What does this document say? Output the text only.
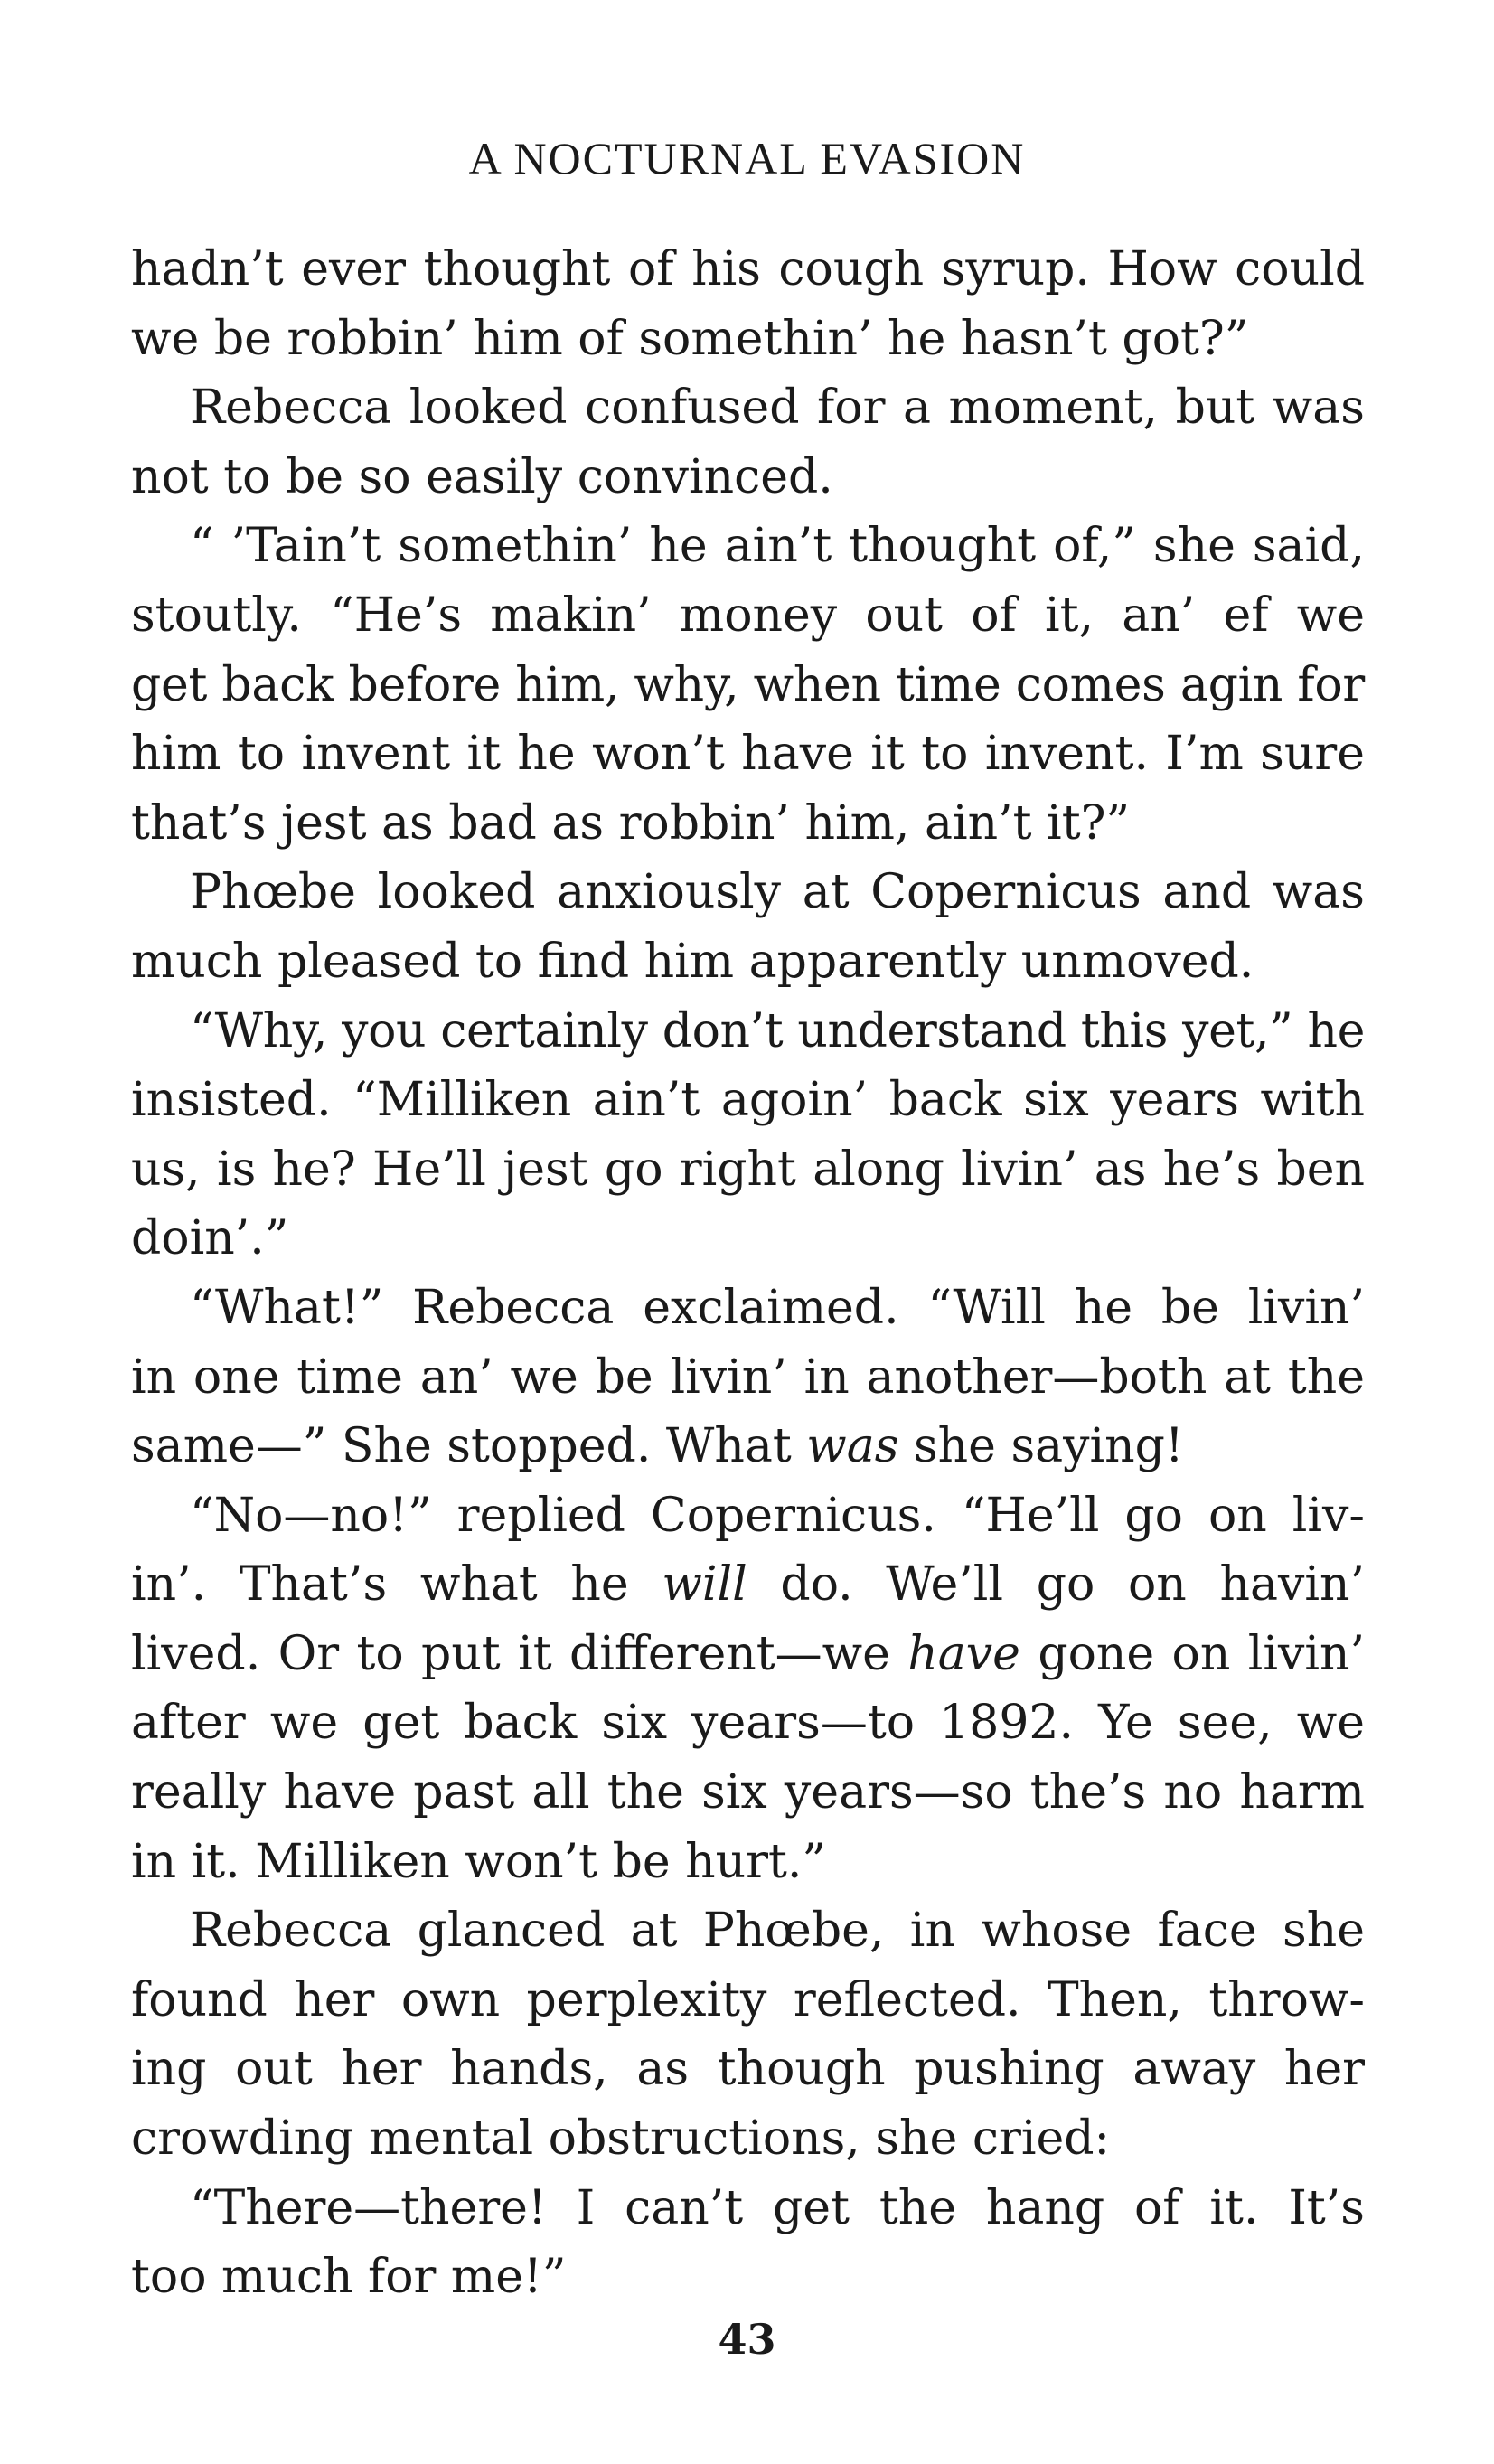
A NOCTURNAL EVASION
hadn’t ever thought of his cough syrup. How could
we be robbin’ him of somethin’ he hasn’t got?”
Rebecca looked confused for a moment, but was
not to be so easily convinced.
“ ’Tain’t somethin’ he ain’t thought of,” she said,
stoutly. “He’s makin’ money out of it, an’ ef we
get back before him, why, when time comes agin for
him to invent it he won’t have it to invent. I’m sure
that’s jest as bad as robbin’ him, ain’t it?”
Phœbe looked anxiously at Copernicus and was
much pleased to find him apparently unmoved.
“Why, you certainly don’t understand this yet,” he
insisted. “Milliken ain’t agoin’ back six years with
us, is he? He’ll jest go right along livin’ as he’s ben
doin’.”
“What!” Rebecca exclaimed. “Will he be livin’
in one time an’ we be livin’ in another—both at the
same—” She stopped. What was she saying!
“No—no!” replied Copernicus. “He’ll go on liv-
in’. That’s what he will do. We’ll go on havin’
lived. Or to put it different—we have gone on livin’
after we get back six years—to 1892. Ye see, we
really have past all the six years—so the’s no harm
in it. Milliken won’t be hurt.”
Rebecca glanced at Phœbe, in whose face she
found her own perplexity reflected. Then, throw-
ing out her hands, as though pushing away her
crowding mental obstructions, she cried:
“There—there! I can’t get the hang of it. It’s
too much for me!”
43
